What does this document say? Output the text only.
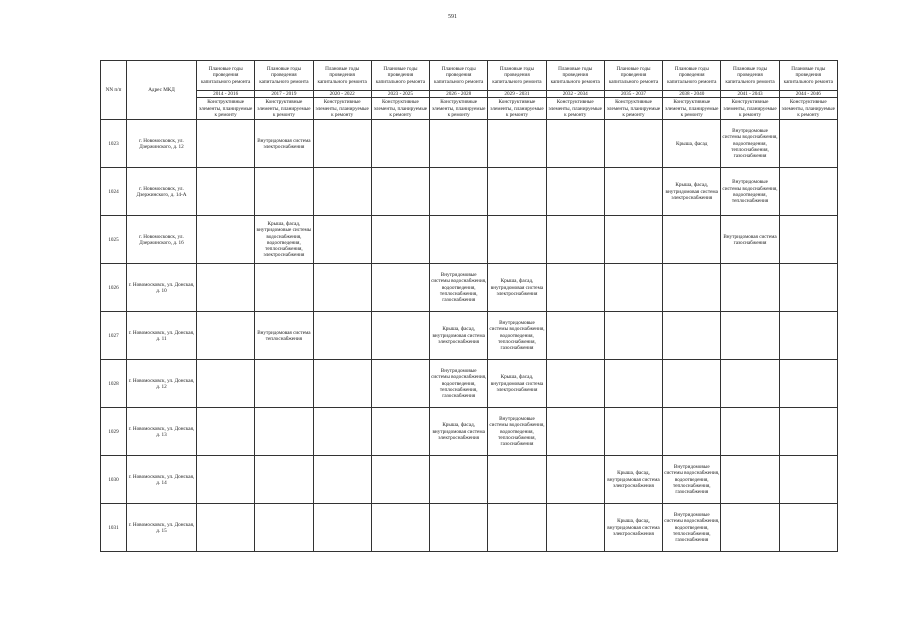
591
NN п/п	Адрес МКД	Плановые годы проведения капитального ремонта	Плановые годы проведения капитального ремонта	Плановые годы проведения капитального ремонта	Плановые годы проведения капитального ремонта	Плановые годы проведения капитального ремонта	Плановые годы проведения капитального ремонта	Плановые годы проведения капитального ремонта	Плановые годы проведения капитального ремонта	Плановые годы проведения капитального ремонта	Плановые годы проведения капитального ремонта	Плановые годы проведения капитального ремонта
		2014 - 2016	2017 - 2019	2020 - 2022	2023 - 2025	2026 - 2028	2029 - 2031	2032 - 2034	2035 - 2037	2038 - 2040	2041 - 2043	2044 - 2046
		Конструктивные элементы, планируемые к ремонту	Конструктивные элементы, планируемые к ремонту	Конструктивные элементы, планируемые к ремонту	Конструктивные элементы, планируемые к ремонту	Конструктивные элементы, планируемые к ремонту	Конструктивные элементы, планируемые к ремонту	Конструктивные элементы, планируемые к ремонту	Конструктивные элементы, планируемые к ремонту	Конструктивные элементы, планируемые к ремонту	Конструктивные элементы, планируемые к ремонту	Конструктивные элементы, планируемые к ремонту
1023	г. Новомосковск, ул. Дзержинского, д. 12		Внутридомовая система электроснабжения							Крыша, фасад	Внутридомовые системы водоснабжения, водоотведения, теплоснабжения, газоснабжения	
1024	г. Новомосковск, ул. Дзержинского, д. 14-А									Крыша, фасад, внутридомовая система электроснабжения	Внутридомовые системы водоснабжения, водоотведения, теплоснабжения	
1025	г. Новомосковск, ул. Дзержинского, д. 16		Крыша, фасад, внутридомовые системы водоснабжения, водоотведения, теплоснабжения, электроснабжения								Внутридомовая система газоснабжения	
1026	г. Новомосковск, ул. Донская, д. 10					Внутридомовые системы водоснабжения, водоотведения, теплоснабжения, газоснабжения	Крыша, фасад, внутридомовая система электроснабжения					
1027	г. Новомосковск, ул. Донская, д. 11		Внутридомовая система теплоснабжения			Крыша, фасад, внутридомовая система электроснабжения	Внутридомовые системы водоснабжения, водоотведения, теплоснабжения, газоснабжения					
1028	г. Новомосковск, ул. Донская, д. 12					Внутридомовые системы водоснабжения, водоотведения, теплоснабжения, газоснабжения	Крыша, фасад, внутридомовая система электроснабжения					
1029	г. Новомосковск, ул. Донская, д. 13					Крыша, фасад, внутридомовая система электроснабжения	Внутридомовые системы водоснабжения, водоотведения, теплоснабжения, газоснабжения					
1030	г. Новомосковск, ул. Донская, д. 14								Крыша, фасад, внутридомовая система электроснабжения	Внутридомовые системы водоснабжения, водоотведения, теплоснабжения, газоснабжения		
1031	г. Новомосковск, ул. Донская, д. 15								Крыша, фасад, внутридомовая система электроснабжения	Внутридомовые системы водоснабжения, водоотведения, теплоснабжения, газоснабжения		
